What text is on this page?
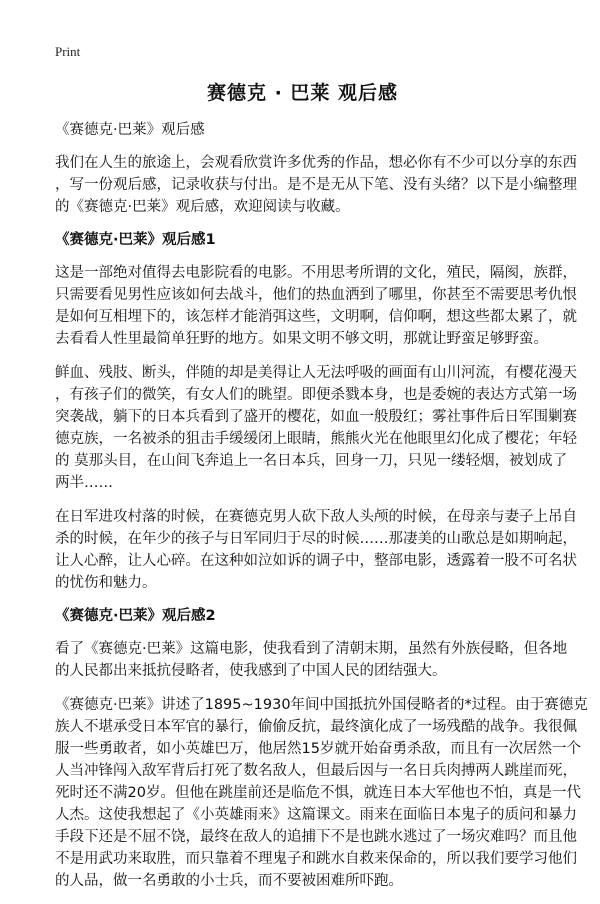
Print
赛德克 · 巴莱 观后感
《赛德克·巴莱》观后感
我们在人生的旅途上，会观看欣赏许多优秀的作品，想必你有不少可以分享的东西
，写一份观后感，记录收获与付出。是不是无从下笔、没有头绪？以下是小编整理
的《赛德克·巴莱》观后感，欢迎阅读与收藏。
《赛德克·巴莱》观后感1
这是一部绝对值得去电影院看的电影。不用思考所谓的文化，殖民，隔阂，族群，
只需要看见男性应该如何去战斗，他们的热血洒到了哪里，你甚至不需要思考仇恨
是如何互相埋下的，该怎样才能消弭这些，文明啊，信仰啊，想这些都太累了，就
去看看人性里最简单狂野的地方。如果文明不够文明，那就让野蛮足够野蛮。
鲜血、残肢、断头，伴随的却是美得让人无法呼吸的画面有山川河流，有樱花漫天
，有孩子们的微笑，有女人们的眺望。即便杀戮本身，也是委婉的表达方式第一场
突袭战，躺下的日本兵看到了盛开的樱花，如血一般殷红；雾社事件后日军围剿赛
德克族，一名被杀的狙击手缓缓闭上眼睛，熊熊火光在他眼里幻化成了樱花；年轻
的 莫那头目，在山间飞奔追上一名日本兵，回身一刀，只见一缕轻烟，被划成了
两半……
在日军进攻村落的时候，在赛德克男人砍下敌人头颅的时候，在母亲与妻子上吊自
杀的时候，在年少的孩子与日军同归于尽的时候……那凄美的山歌总是如期响起，
让人心醉，让人心碎。在这种如泣如诉的调子中，整部电影，透露着一股不可名状
的忧伤和魅力。
《赛德克·巴莱》观后感2
看了《赛德克·巴莱》这篇电影，使我看到了清朝末期，虽然有外族侵略，但各地
的人民都出来抵抗侵略者，使我感到了中国人民的团结强大。
《赛德克·巴莱》讲述了1895~1930年间中国抵抗外国侵略者的*过程。由于赛德克
族人不堪承受日本军官的暴行，偷偷反抗，最终演化成了一场残酷的战争。我很佩
服一些勇敢者，如小英雄巴万，他居然15岁就开始奋勇杀敌，而且有一次居然一个
人当冲锋闯入敌军背后打死了数名敌人，但最后因与一名日兵肉搏两人跳崖而死，
死时还不满20岁。但他在跳崖前还是临危不惧，就连日本大军他也不怕，真是一代
人杰。这使我想起了《小英雄雨来》这篇课文。雨来在面临日本鬼子的质问和暴力
手段下还是不屈不饶，最终在敌人的追捕下不是也跳水逃过了一场灾难吗？而且他
不是用武功来取胜，而只靠着不理鬼子和跳水自救来保命的，所以我们要学习他们
的人品，做一名勇敢的小士兵，而不要被困难所吓跑。
